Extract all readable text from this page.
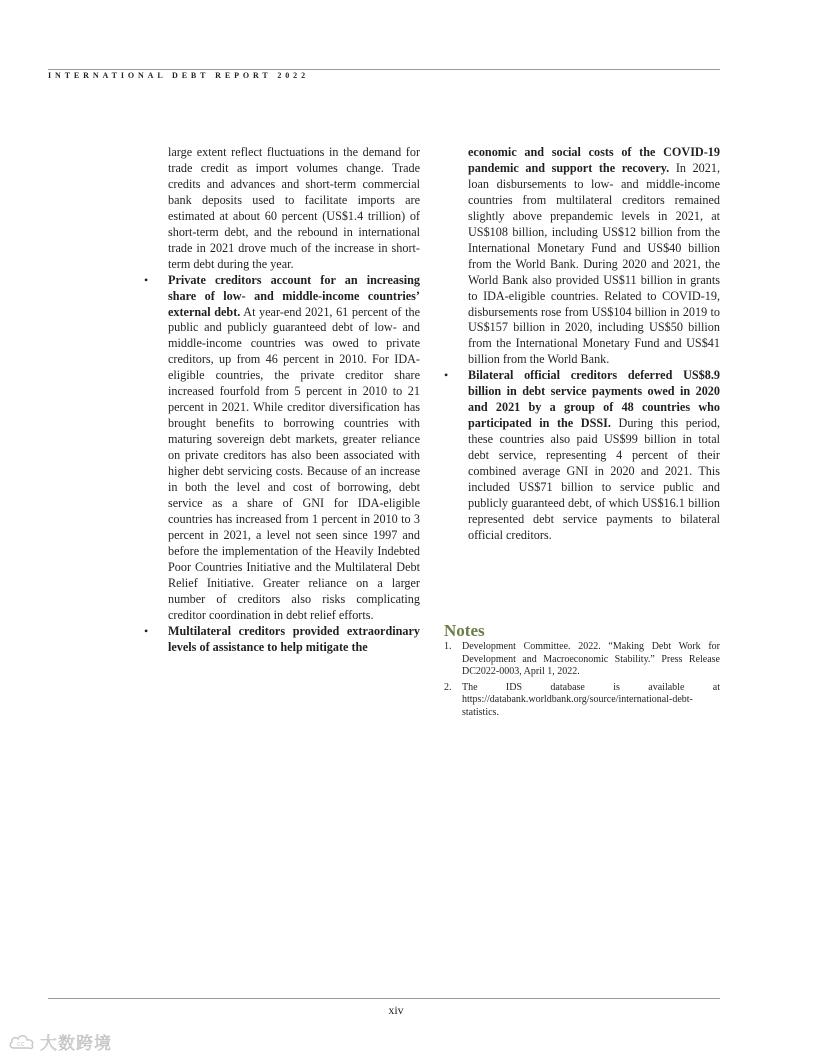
INTERNATIONAL DEBT REPORT 2022

large extent reflect fluctuations in the demand for trade credit as import volumes change. Trade credits and advances and short-term commercial bank deposits used to facilitate imports are estimated at about 60 percent (US$1.4 trillion) of short-term debt, and the rebound in international trade in 2021 drove much of the increase in short-term debt during the year.

• Private creditors account for an increasing share of low- and middle-income countries’ external debt. At year-end 2021, 61 percent of the public and publicly guaranteed debt of low- and middle-income countries was owed to private creditors, up from 46 percent in 2010. For IDA-eligible countries, the private creditor share increased fourfold from 5 percent in 2010 to 21 percent in 2021. While creditor diversification has brought benefits to borrowing countries with maturing sovereign debt markets, greater reliance on private creditors has also been associated with higher debt servicing costs. Because of an increase in both the level and cost of borrowing, debt service as a share of GNI for IDA-eligible countries has increased from 1 percent in 2010 to 3 percent in 2021, a level not seen since 1997 and before the implementation of the Heavily Indebted Poor Countries Initiative and the Multilateral Debt Relief Initiative. Greater reliance on a larger number of creditors also risks complicating creditor coordination in debt relief efforts.

• Multilateral creditors provided extraordinary levels of assistance to help mitigate the

economic and social costs of the COVID-19 pandemic and support the recovery. In 2021, loan disbursements to low- and middle-income countries from multilateral creditors remained slightly above prepandemic levels in 2021, at US$108 billion, including US$12 billion from the International Monetary Fund and US$40 billion from the World Bank. During 2020 and 2021, the World Bank also provided US$11 billion in grants to IDA-eligible countries. Related to COVID-19, disbursements rose from US$104 billion in 2019 to US$157 billion in 2020, including US$50 billion from the International Monetary Fund and US$41 billion from the World Bank.

• Bilateral official creditors deferred US$8.9 billion in debt service payments owed in 2020 and 2021 by a group of 48 countries who participated in the DSSI. During this period, these countries also paid US$99 billion in total debt service, representing 4 percent of their combined average GNI in 2020 and 2021. This included US$71 billion to service public and publicly guaranteed debt, of which US$16.1 billion represented debt service payments to bilateral official creditors.

Notes
1. Development Committee. 2022. “Making Debt Work for Development and Macroeconomic Stability.” Press Release DC2022-0003, April 1, 2022.
2. The IDS database is available at https://databank.worldbank.org/source/international-debt-statistics.
xiv
cc 大数跨境
